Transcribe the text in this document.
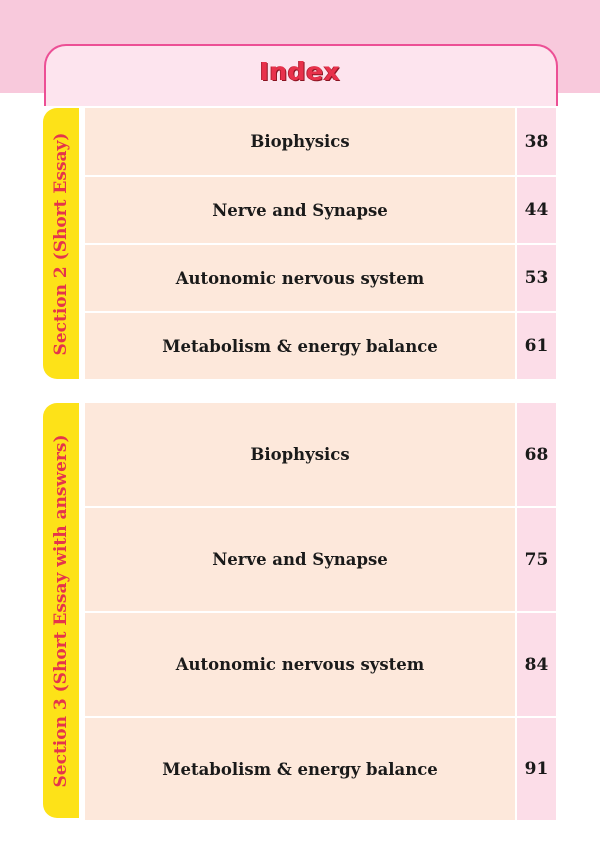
Index
Section 2 (Short Essay)	Biophysics	38
Nerve and Synapse	44
Autonomic nervous system	53
Metabolism & energy balance	61
Section 3 (Short Essay with answers)	Biophysics	68
Nerve and Synapse	75
Autonomic nervous system	84
Metabolism & energy balance	91
